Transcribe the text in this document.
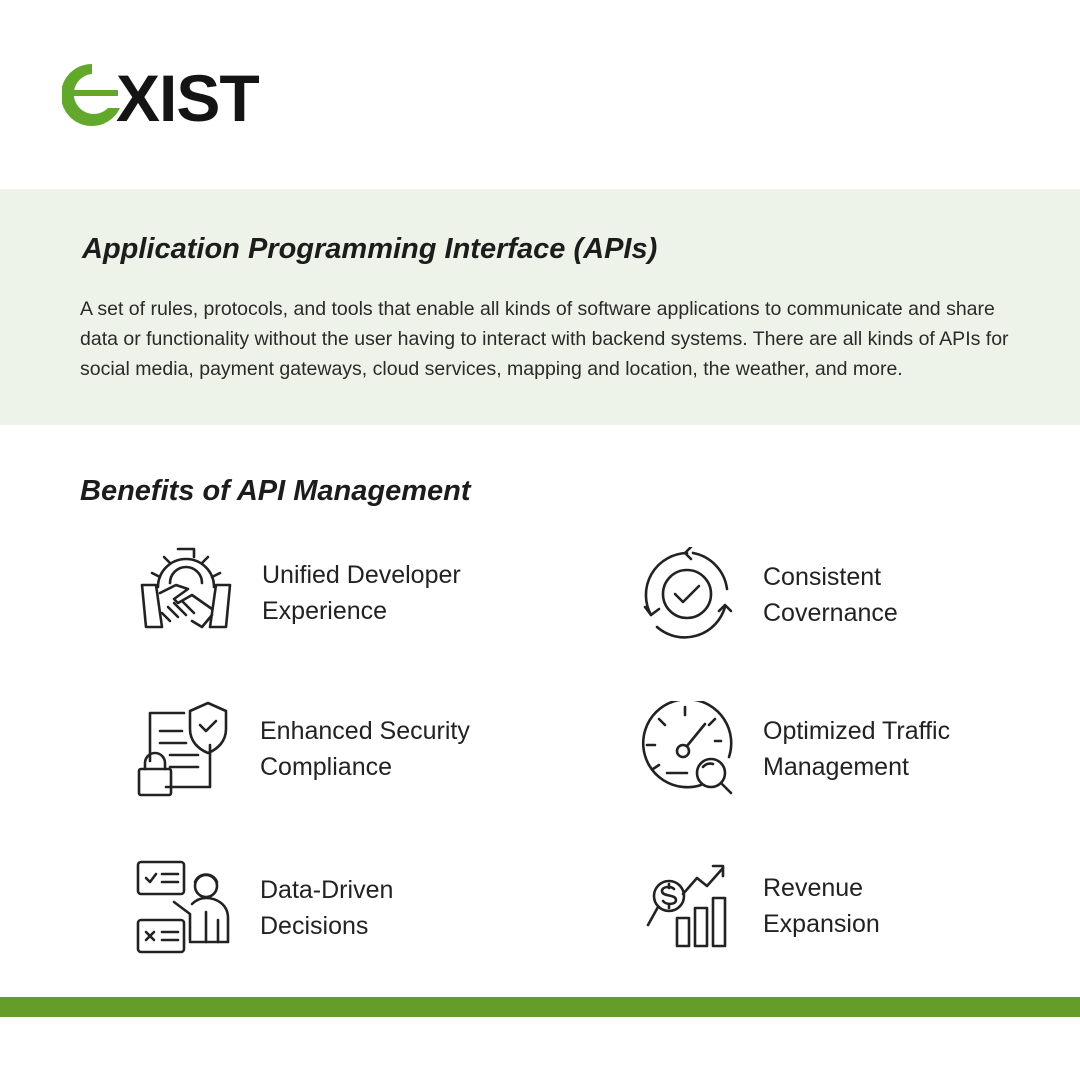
XIST
Application Programming Interface (APIs)
A set of rules, protocols, and tools that enable all kinds of software applications to communicate and share data or functionality without the user having to interact with backend systems. There are all kinds of APIs for social media, payment gateways, cloud services, mapping and location, the weather, and more.
Benefits of API Management
Unified Developer
Experience
Consistent
Covernance
Enhanced Security
Compliance
Optimized Traffic
Management
Data-Driven
Decisions
Revenue
Expansion
